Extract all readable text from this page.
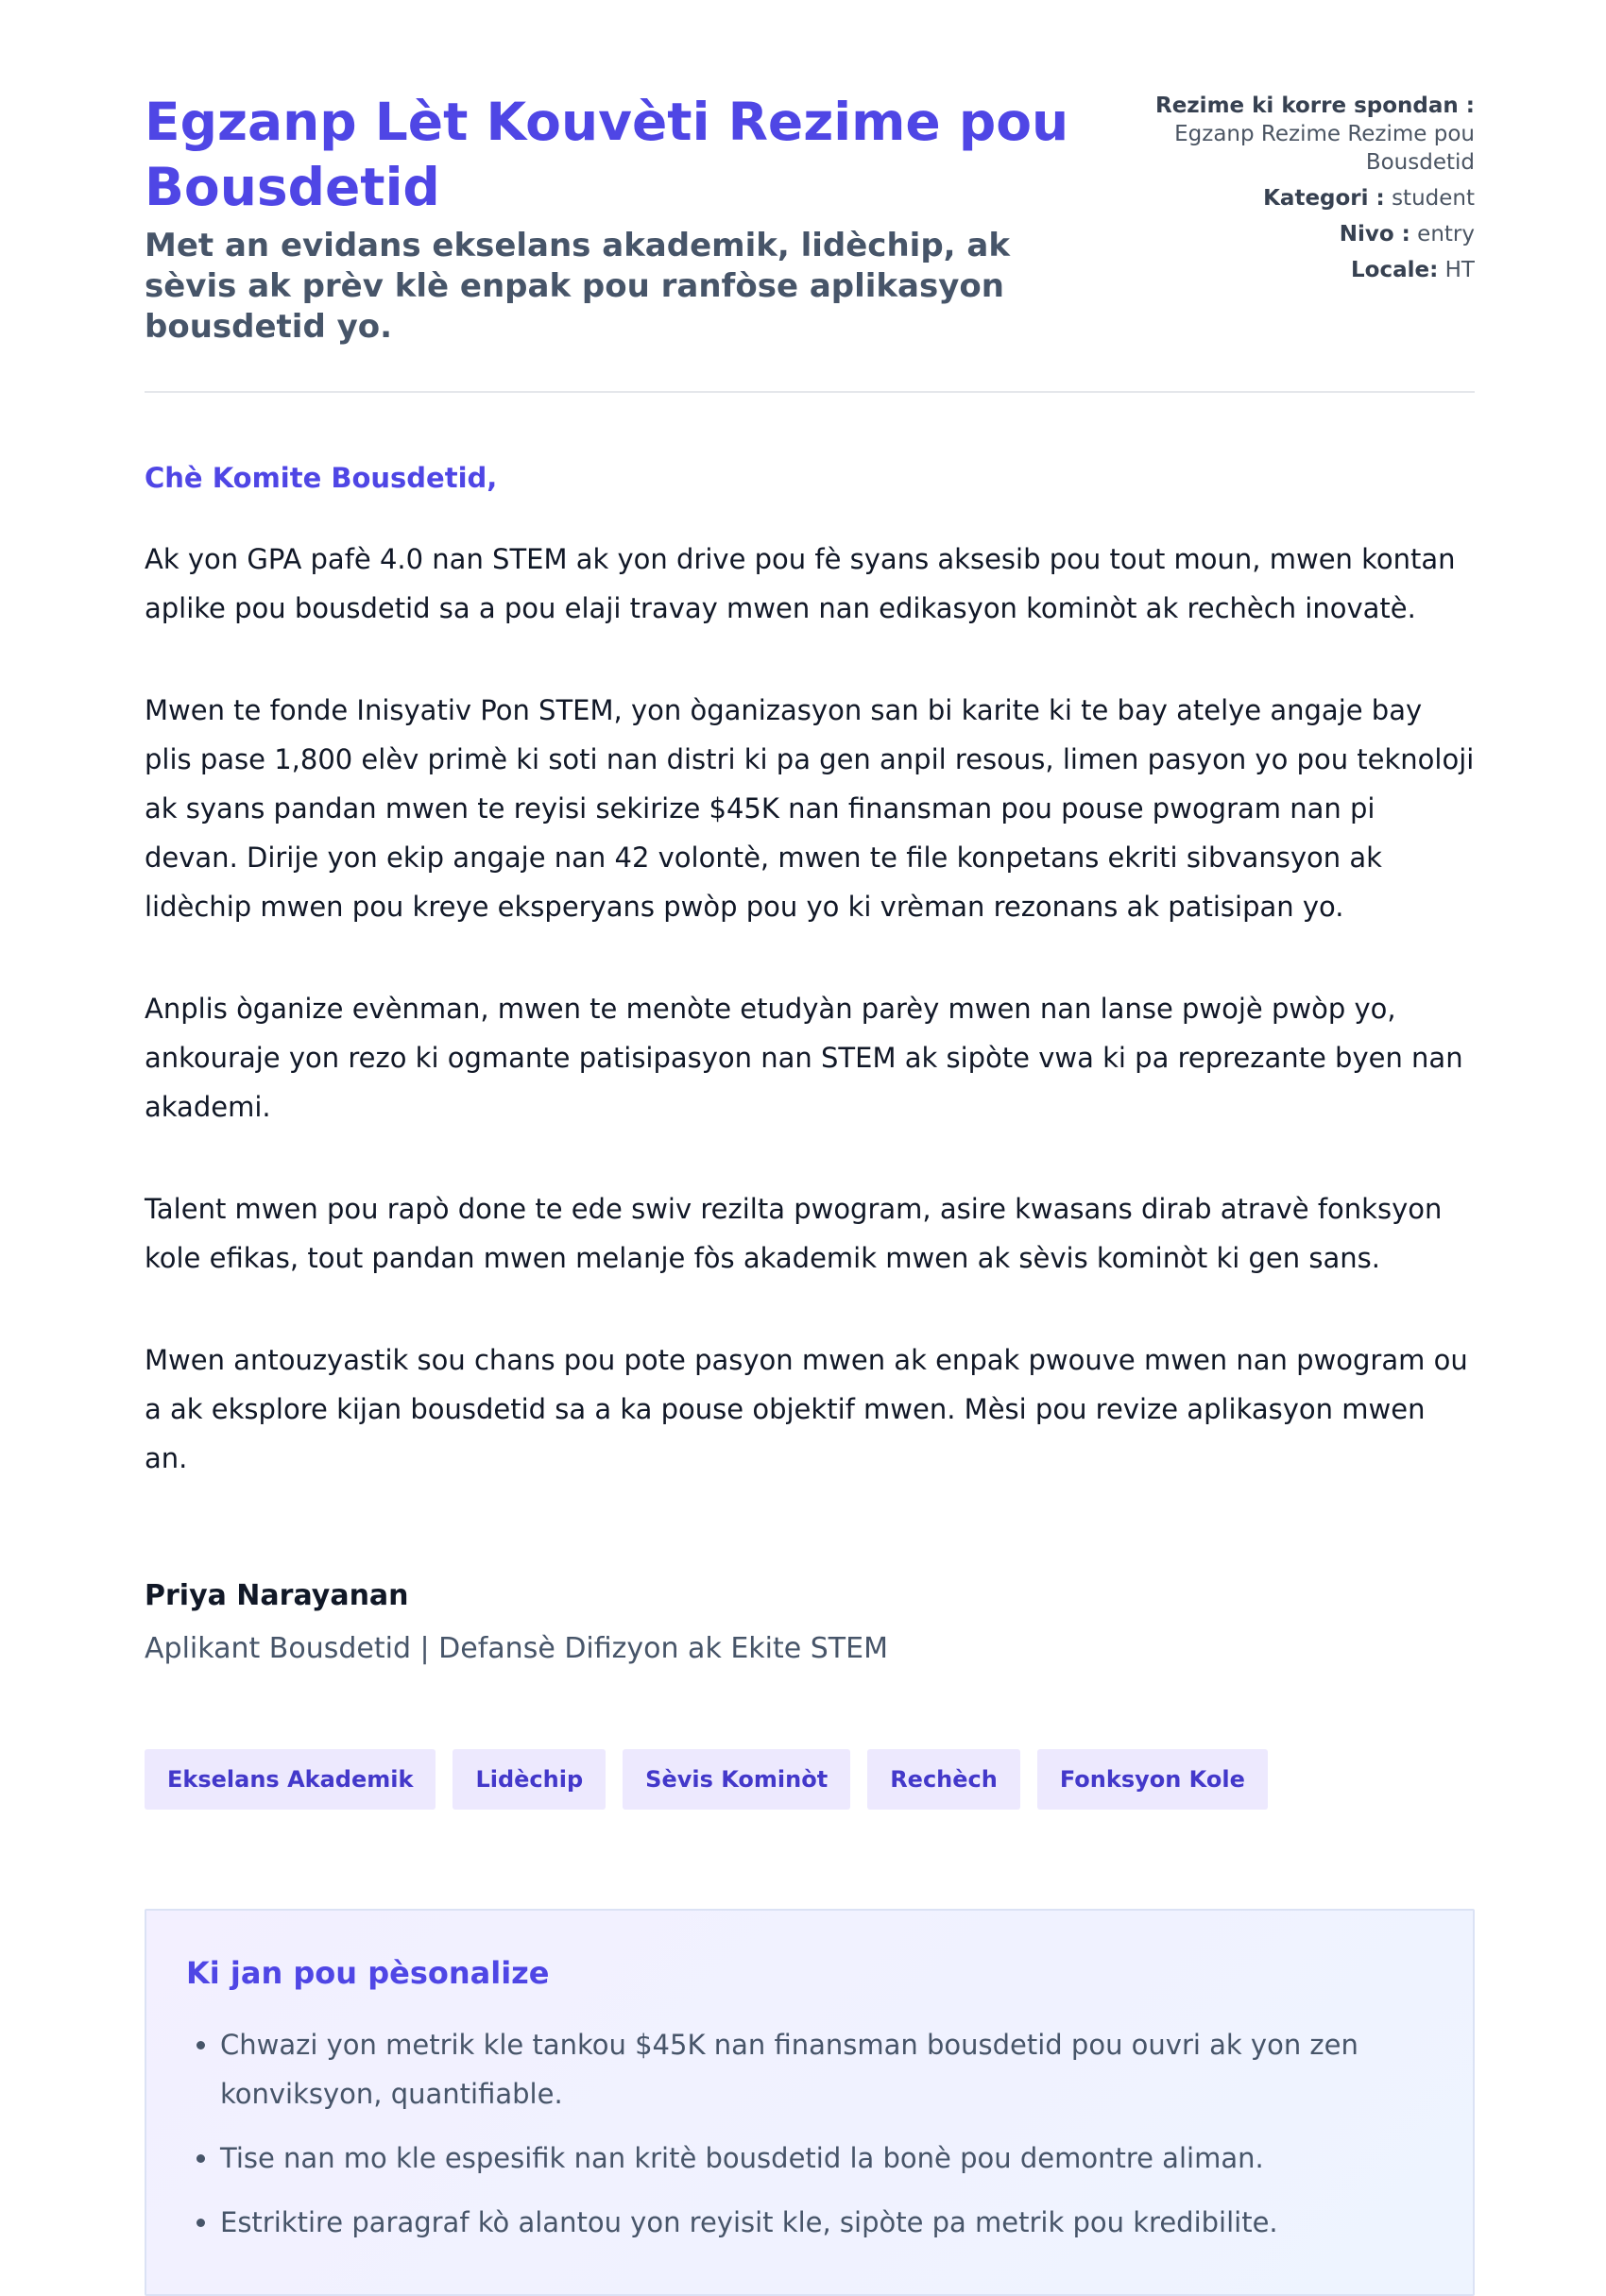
Egzanp Lèt Kouvèti Rezime pou Bousdetid

Met an evidans ekselans akademik, lidèchip, ak sèvis ak prèv klè enpak pou ranfòse aplikasyon bousdetid yo.

Rezime ki korre spondan :
Egzanp Rezime Rezime pou Bousdetid
Kategori : student
Nivo : entry
Locale: HT

Chè Komite Bousdetid,

Ak yon GPA pafè 4.0 nan STEM ak yon drive pou fè syans aksesib pou tout moun, mwen kontan aplike pou bousdetid sa a pou elaji travay mwen nan edikasyon kominòt ak rechèch inovatè.

Mwen te fonde Inisyativ Pon STEM, yon òganizasyon san bi karite ki te bay atelye angaje bay plis pase 1,800 elèv primè ki soti nan distri ki pa gen anpil resous, limen pasyon yo pou teknoloji ak syans pandan mwen te reyisi sekirize $45K nan finansman pou pouse pwogram nan pi devan. Dirije yon ekip angaje nan 42 volontè, mwen te file konpetans ekriti sibvansyon ak lidèchip mwen pou kreye eksperyans pwòp pou yo ki vrèman rezonans ak patisipan yo.

Anplis òganize evènman, mwen te menòte etudyàn parèy mwen nan lanse pwojè pwòp yo, ankouraje yon rezo ki ogmante patisipasyon nan STEM ak sipòte vwa ki pa reprezante byen nan akademi.

Talent mwen pou rapò done te ede swiv rezilta pwogram, asire kwasans dirab atravè fonksyon kole efikas, tout pandan mwen melanje fòs akademik mwen ak sèvis kominòt ki gen sans.

Mwen antouzyastik sou chans pou pote pasyon mwen ak enpak pwouve mwen nan pwogram ou a ak eksplore kijan bousdetid sa a ka pouse objektif mwen. Mèsi pou revize aplikasyon mwen an.

Priya Narayanan
Aplikant Bousdetid | Defansè Difizyon ak Ekite STEM
Ekselans Akademik	Lidèchip	Sèvis Kominòt	Rechèch	Fonksyon Kole
Ki jan pou pèsonalize
• Chwazi yon metrik kle tankou $45K nan finansman bousdetid pou ouvri ak yon zen konviksyon, quantifiable.
• Tise nan mo kle espesifik nan kritè bousdetid la bonè pou demontre aliman.
• Estriktire paragraf kò alantou yon reyisit kle, sipòte pa metrik pou kredibilite.
